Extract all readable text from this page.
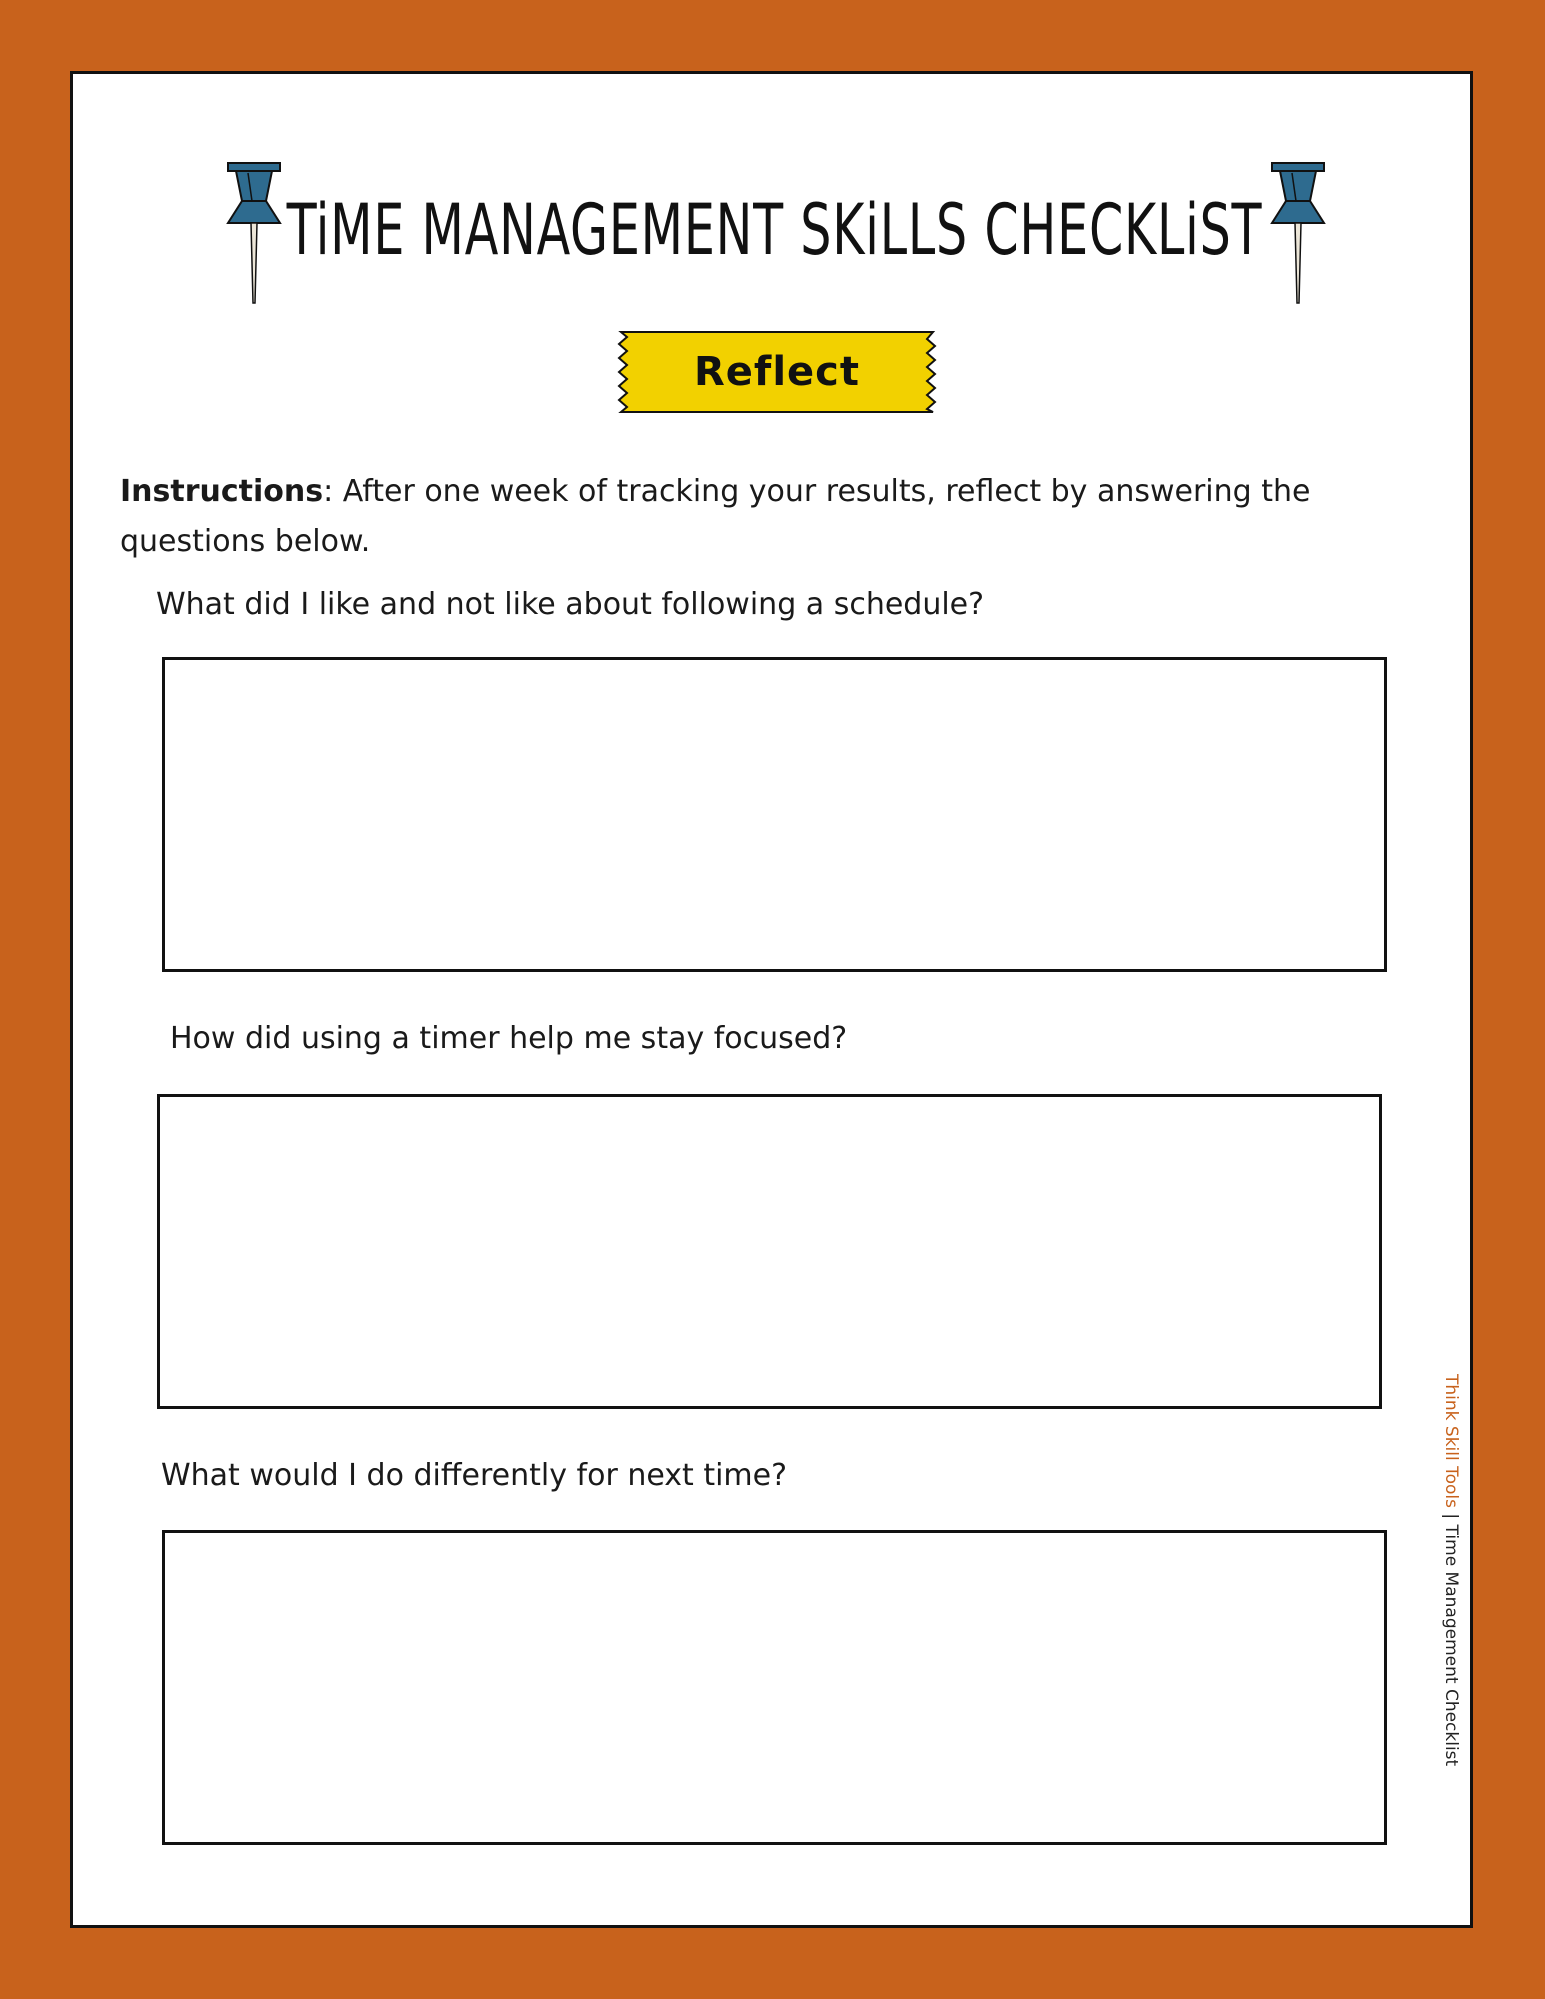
TiME MANAGEMENT SKiLLS CHECKLiST
Reflect
Instructions: After one week of tracking your results, reflect by answering the questions below.
What did I like and not like about following a schedule?
How did using a timer help me stay focused?
What would I do differently for next time?	Think Skill Tools | Time Management Checklist
